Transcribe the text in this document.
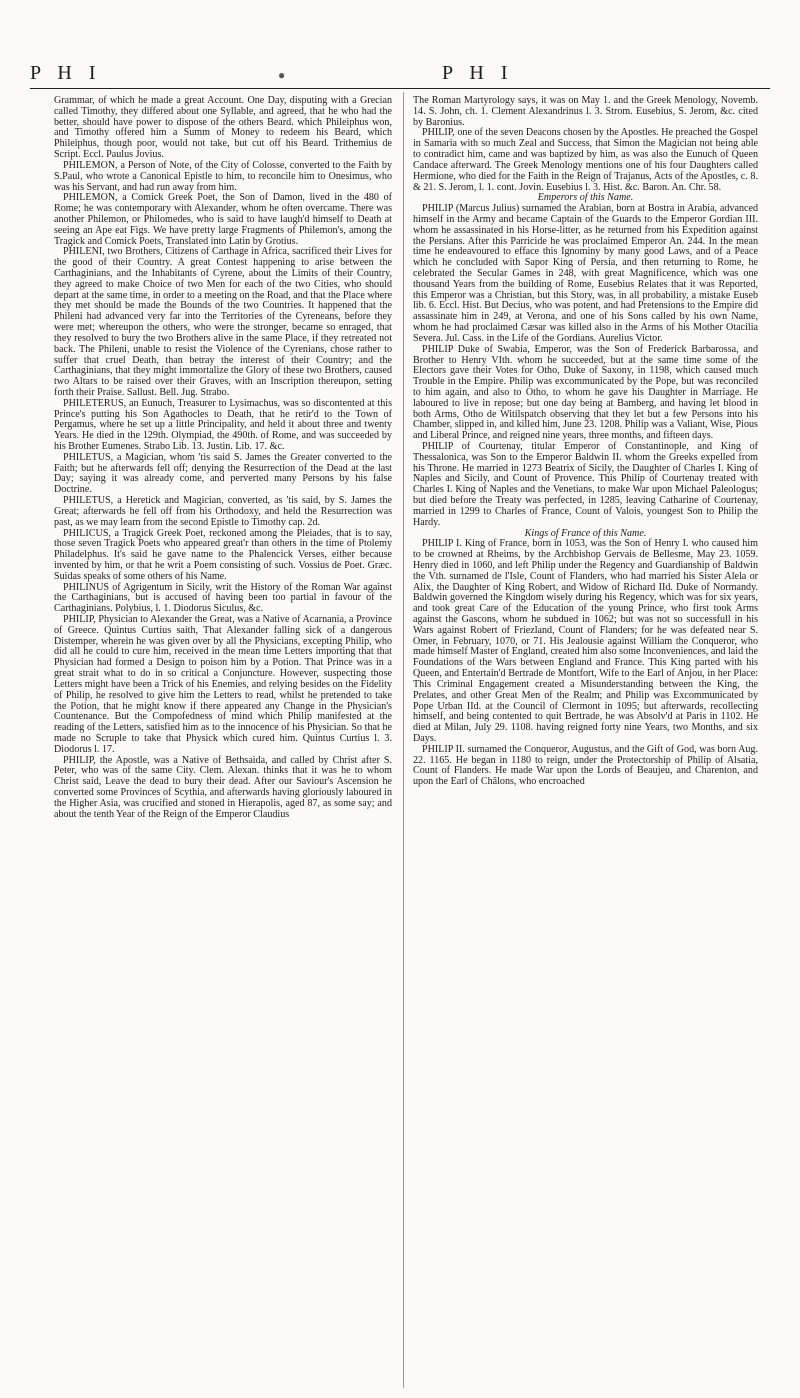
P H I	●	P H I

Grammar, of which he made a great Account. One Day, disputing with a Grecian called Timothy, they differed about one Syllable, and agreed, that he who had the better, should have power to dispose of the others Beard. which Phileiphus won, and Timothy offered him a Summ of Money to redeem his Beard, which Phileiphus, though poor, would not take, but cut off his Beard. Trithemius de Script. Eccl. Paulus Jovius.

PHILEMON, a Person of Note, of the City of Colosse, converted to the Faith by S.Paul, who wrote a Canonical Epistle to him, to reconcile him to Onesimus, who was his Servant, and had run away from him.

PHILEMON, a Comick Greek Poet, the Son of Damon, lived in the 480 of Rome; he was contemporary with Alexander, whom he often overcame. There was another Philemon, or Philomedes, who is said to have laugh'd himself to Death at seeing an Ape eat Figs. We have pretty large Fragments of Philemon's, among the Tragick and Comick Poets, Translated into Latin by Grotius.

PHILENI, two Brothers, Citizens of Carthage in Africa, sacrificed their Lives for the good of their Country. A great Contest happening to arise between the Carthaginians, and the Inhabitants of Cyrene, about the Limits of their Country, they agreed to make Choice of two Men for each of the two Cities, who should depart at the same time, in order to a meeting on the Road, and that the Place where they met should be made the Bounds of the two Countries. It happened that the Phileni had advanced very far into the Territories of the Cyreneans, before they were met; whereupon the others, who were the stronger, became so enraged, that they resolved to bury the two Brothers alive in the same Place, if they retreated not back. The Phileni, unable to resist the Violence of the Cyrenians, chose rather to suffer that cruel Death, than betray the interest of their Country; and the Carthaginians, that they might immortalize the Glory of these two Brothers, caused two Altars to be raised over their Graves, with an Inscription thereupon, setting forth their Praise. Sallust. Bell. Jug. Strabo.

PHILETERUS, an Eunuch, Treasurer to Lysimachus, was so discontented at this Prince's putting his Son Agathocles to Death, that he retir'd to the Town of Pergamus, where he set up a little Principality, and held it about three and twenty Years. He died in the 129th. Olympiad, the 490th. of Rome, and was succeeded by his Brother Eumenes. Strabo Lib. 13. Justin. Lib. 17. &c.

PHILETUS, a Magician, whom 'tis said S. James the Greater converted to the Faith; but he afterwards fell off; denying the Resurrection of the Dead at the last Day; saying it was already come, and perverted many Persons by his false Doctrine.

PHILETUS, a Heretick and Magician, converted, as 'tis said, by S. James the Great; afterwards he fell off from his Orthodoxy, and held the Resurrection was past, as we may learn from the second Epistle to Timothy cap. 2d.

PHILICUS, a Tragick Greek Poet, reckoned among the Pleiades, that is to say, those seven Tragick Poets who appeared great'r than others in the time of Ptolemy Philadelphus. It's said he gave name to the Phalencick Verses, either because invented by him, or that he writ a Poem consisting of such. Vossius de Poet. Græc. Suidas speaks of some others of his Name.

PHILINUS of Agrigentum in Sicily, writ the History of the Roman War against the Carthaginians, but is accused of having been too partial in favour of the Carthaginians. Polybius, l. 1. Diodorus Siculus, &c.

PHILIP, Physician to Alexander the Great, was a Native of Acarnania, a Province of Greece. Quintus Curtius saith, That Alexander falling sick of a dangerous Distemper, wherein he was given over by all the Physicians, excepting Philip, who did all he could to cure him, received in the mean time Letters importing that that Physician had formed a Design to poison him by a Potion. That Prince was in a great strait what to do in so critical a Conjuncture. However, suspecting those Letters might have been a Trick of his Enemies, and relying besides on the Fidelity of Philip, he resolved to give him the Letters to read, whilst he pretended to take the Potion, that he might know if there appeared any Change in the Physician's Countenance. But the Compofedness of mind which Philip manifested at the reading of the Letters, satisfied him as to the innocence of his Physician. So that he made no Scruple to take that Physick which cured him. Quintus Curtius l. 3. Diodorus l. 17.

PHILIP, the Apostle, was a Native of Bethsaida, and called by Christ after S. Peter, who was of the same City. Clem. Alexan. thinks that it was he to whom Christ said, Leave the dead to bury their dead. After our Saviour's Ascension he converted some Provinces of Scythia, and afterwards having gloriously laboured in the Higher Asia, was crucified and stoned in Hierapolis, aged 87, as some say; and about the tenth Year of the Reign of the Emperor Claudius

The Roman Martyrology says, it was on May 1. and the Greek Menology, Novemb. 14. S. John, ch. 1. Clement Alexandrinus l. 3. Strom. Eusebius, S. Jerom, &c. cited by Baronius.

PHILIP, one of the seven Deacons chosen by the Apostles. He preached the Gospel in Samaria with so much Zeal and Success, that Simon the Magician not being able to contradict him, came and was baptized by him, as was also the Eunuch of Queen Candace afterward. The Greek Menology mentions one of his four Daughters called Hermione, who died for the Faith in the Reign of Trajanus, Acts of the Apostles, c. 8. & 21. S. Jerom, l. 1. cont. Jovin. Eusebius l. 3. Hist. &c. Baron. An. Chr. 58.

Emperors of this Name.

PHILIP (Marcus Julius) surnamed the Arabian, born at Bostra in Arabia, advanced himself in the Army and became Captain of the Guards to the Emperor Gordian III. whom he assassinated in his Horse-litter, as he returned from his Expedition against the Persians. After this Parricide he was proclaimed Emperor An. 244. In the mean time he endeavoured to efface this Ignominy by many good Laws, and of a Peace which he concluded with Sapor King of Persia, and then returning to Rome, he celebrated the Secular Games in 248, with great Magnificence, which was one thousand Years from the building of Rome, Eusebius Relates that it was Reported, this Emperor was a Christian, but this Story, was, in all probability, a mistake Euseb lib. 6. Eccl. Hist. But Decius, who was potent, and had Pretensions to the Empire did assassinate him in 249, at Verona, and one of his Sons called by his own Name, whom he had proclaimed Cæsar was killed also in the Arms of his Mother Otacilia Severa. Jul. Cass. in the Life of the Gordians. Aurelius Victor.

PHILIP Duke of Swabia, Emperor, was the Son of Frederick Barbarossa, and Brother to Henry VIth. whom he succeeded, but at the same time some of the Electors gave their Votes for Otho, Duke of Saxony, in 1198, which caused much Trouble in the Empire. Philip was excommunicated by the Pope, but was reconciled to him again, and also to Otho, to whom he gave his Daughter in Marriage. He laboured to live in repose; but one day being at Bamberg, and having let blood in both Arms, Otho de Witilspatch observing that they let but a few Persons into his Chamber, slipped in, and killed him, June 23. 1208. Philip was a Valiant, Wise, Pious and Liberal Prince, and reigned nine years, three months, and fifteen days.

PHILIP of Courtenay, titular Emperor of Constantinople, and King of Thessalonica, was Son to the Emperor Baldwin II. whom the Greeks expelled from his Throne. He married in 1273 Beatrix of Sicily, the Daughter of Charles I. King of Naples and Sicily, and Count of Provence. This Philip of Courtenay treated with Charles I. King of Naples and the Venetians, to make War upon Michael Paleologus; but died before the Treaty was perfected, in 1285, leaving Catharine of Courtenay, married in 1299 to Charles of France, Count of Valois, youngest Son to Philip the Hardy.

Kings of France of this Name.

PHILIP I. King of France, born in 1053, was the Son of Henry I. who caused him to be crowned at Rheims, by the Archbishop Gervais de Bellesme, May 23. 1059. Henry died in 1060, and left Philip under the Regency and Guardianship of Baldwin the Vth. surnamed de l'Isle, Count of Flanders, who had married his Sister Alela or Alix, the Daughter of King Robert, and Widow of Richard IId. Duke of Normandy. Baldwin governed the Kingdom wisely during his Regency, which was for six years, and took great Care of the Education of the young Prince, who first took Arms against the Gascons, whom he subdued in 1062; but was not so successfull in his Wars against Robert of Friezland, Count of Flanders; for he was defeated near S. Omer, in February, 1070, or 71. His Jealousie against William the Conqueror, who made himself Master of England, created him also some Inconveniences, and laid the Foundations of the Wars between England and France. This King parted with his Queen, and Entertain'd Bertrade de Montfort, Wife to the Earl of Anjou, in her Place: This Criminal Engagement created a Misunderstanding between the King, the Prelates, and other Great Men of the Realm; and Philip was Excommunicated by Pope Urban IId. at the Council of Clermont in 1095; but afterwards, recollecting himself, and being contented to quit Bertrade, he was Absolv'd at Paris in 1102. He died at Milan, July 29. 1108. having reigned forty nine Years, two Months, and six Days.

PHILIP II. surnamed the Conqueror, Augustus, and the Gift of God, was born Aug. 22. 1165. He began in 1180 to reign, under the Protectorship of Philip of Alsatia, Count of Flanders. He made War upon the Lords of Beaujeu, and Charenton, and upon the Earl of Châlons, who encroached
